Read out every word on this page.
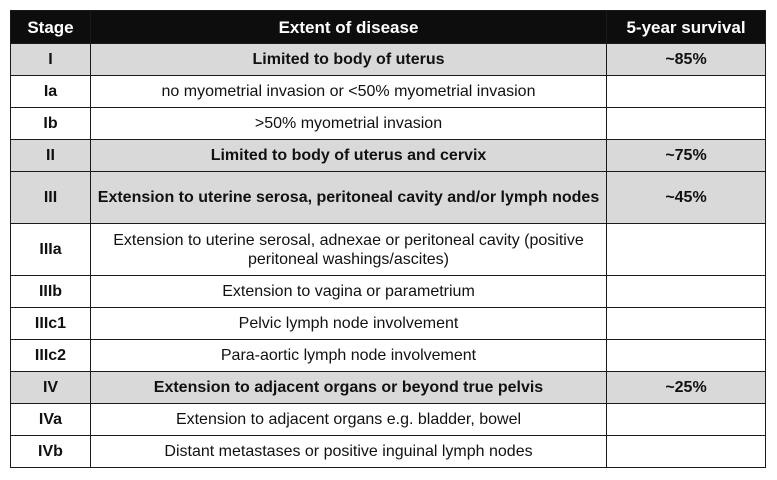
Stage	Extent of disease	5-year survival
I	Limited to body of uterus	~85%
Ia	no myometrial invasion or <50% myometrial invasion	
Ib	>50% myometrial invasion	
II	Limited to body of uterus and cervix	~75%
III	Extension to uterine serosa, peritoneal cavity and/or lymph nodes	~45%
IIIa	Extension to uterine serosal, adnexae or peritoneal cavity (positive peritoneal washings/ascites)	
IIIb	Extension to vagina or parametrium	
IIIc1	Pelvic lymph node involvement	
IIIc2	Para-aortic lymph node involvement	
IV	Extension to adjacent organs or beyond true pelvis	~25%
IVa	Extension to adjacent organs e.g. bladder, bowel	
IVb	Distant metastases or positive inguinal lymph nodes	
